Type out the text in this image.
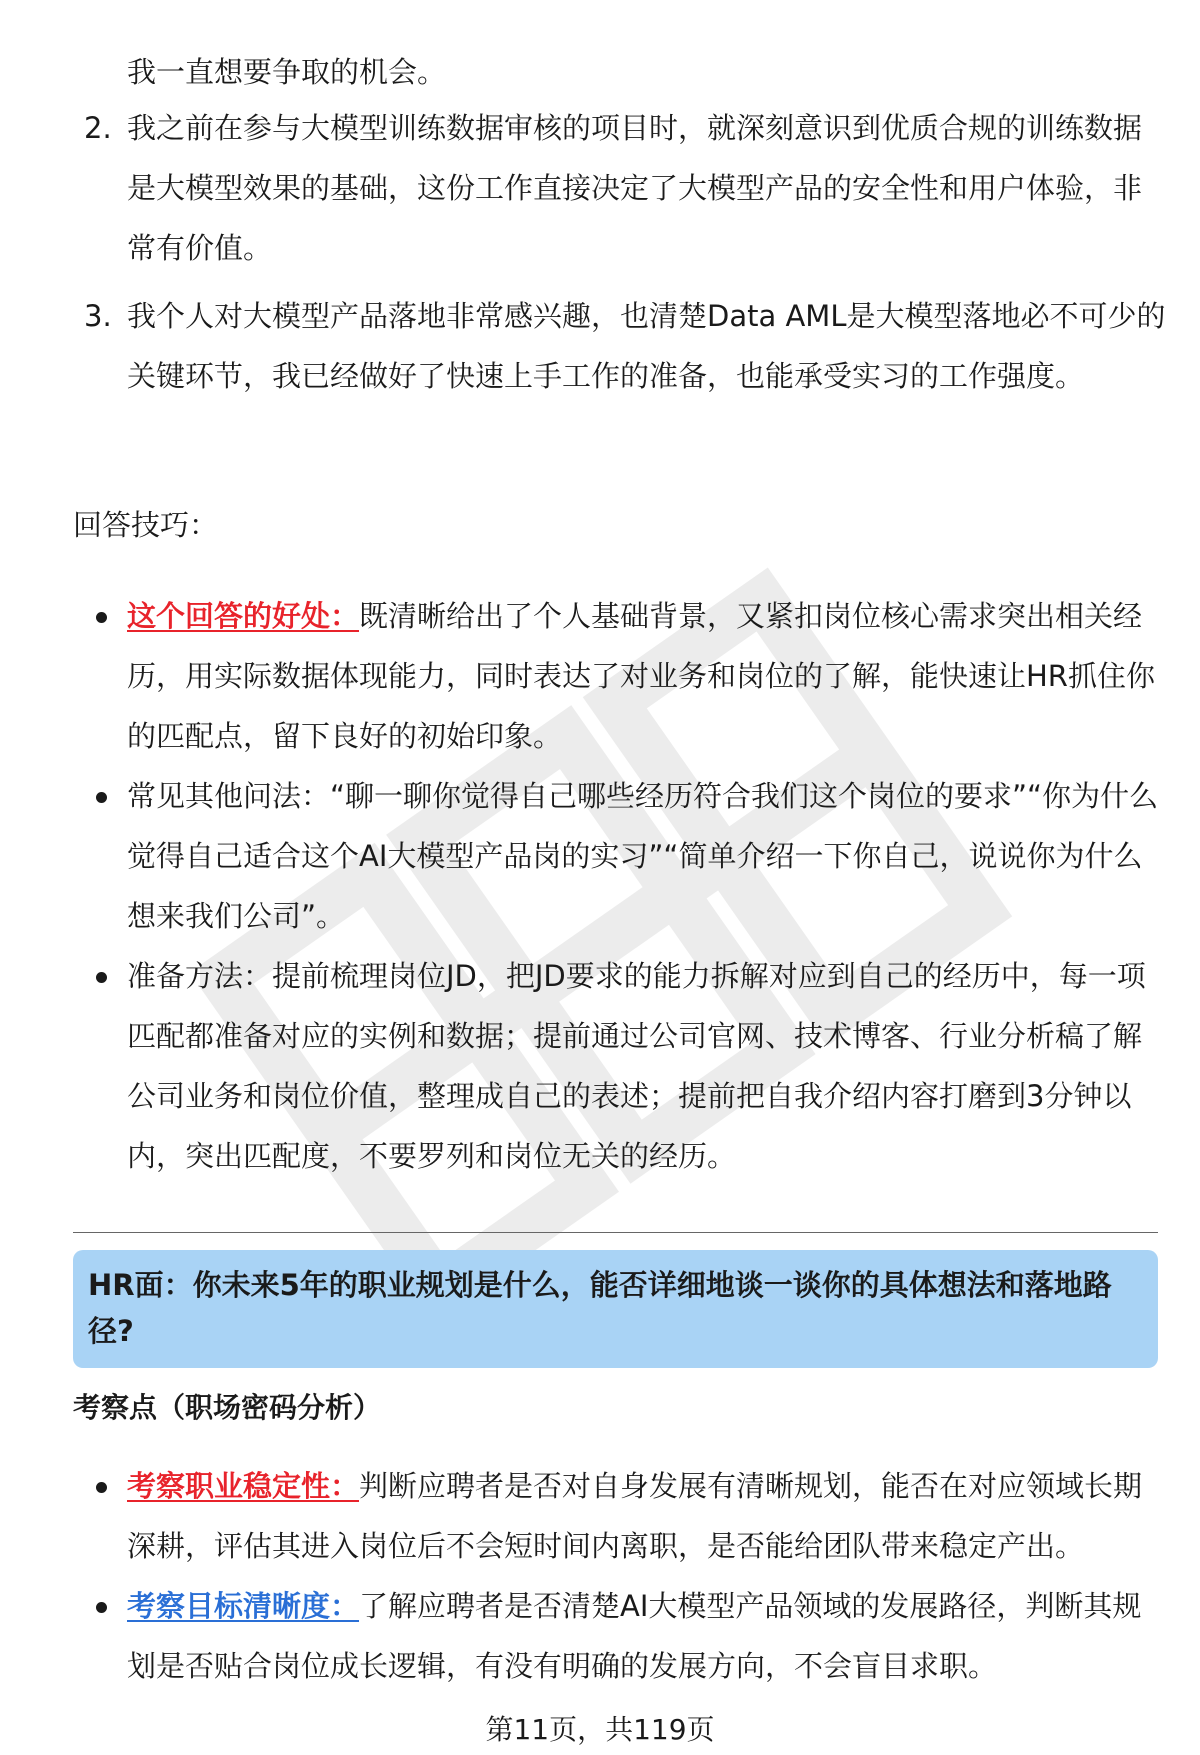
我一直想要争取的机会。
2. 我之前在参与大模型训练数据审核的项目时，就深刻意识到优质合规的训练数据是大模型效果的基础，这份工作直接决定了大模型产品的安全性和用户体验，非常有价值。
3. 我个人对大模型产品落地非常感兴趣，也清楚Data AML是大模型落地必不可少的关键环节，我已经做好了快速上手工作的准备，也能承受实习的工作强度。
回答技巧：
这个回答的好处：既清晰给出了个人基础背景，又紧扣岗位核心需求突出相关经历，用实际数据体现能力，同时表达了对业务和岗位的了解，能快速让HR抓住你的匹配点，留下良好的初始印象。
常见其他问法：“聊一聊你觉得自己哪些经历符合我们这个岗位的要求”“你为什么觉得自己适合这个AI大模型产品岗的实习”“简单介绍一下你自己，说说你为什么想来我们公司”。
准备方法：提前梳理岗位JD，把JD要求的能力拆解对应到自己的经历中，每一项匹配都准备对应的实例和数据；提前通过公司官网、技术博客、行业分析稿了解公司业务和岗位价值，整理成自己的表述；提前把自我介绍内容打磨到3分钟以内，突出匹配度，不要罗列和岗位无关的经历。
HR面：你未来5年的职业规划是什么，能否详细地谈一谈你的具体想法和落地路径?
考察点（职场密码分析）
考察职业稳定性：判断应聘者是否对自身发展有清晰规划，能否在对应领域长期深耕，评估其进入岗位后不会短时间内离职，是否能给团队带来稳定产出。
考察目标清晰度：了解应聘者是否清楚AI大模型产品领域的发展路径，判断其规划是否贴合岗位成长逻辑，有没有明确的发展方向，不会盲目求职。
第11页，共119页
